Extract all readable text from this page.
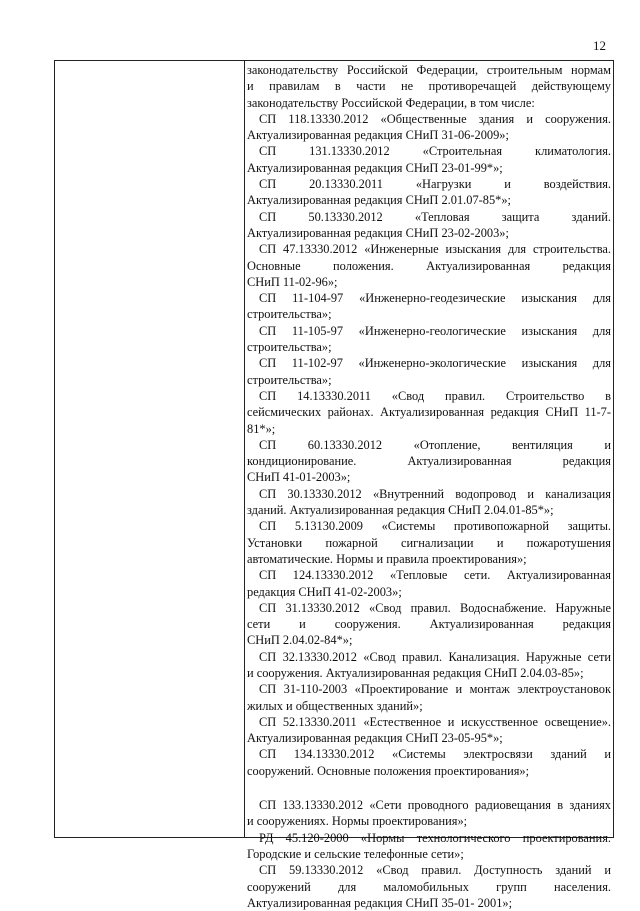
12
законодательству Российской Федерации, строительным нормам
и правилам в части не противоречащей действующему
законодательству Российской Федерации, в том числе:
СП 118.13330.2012 «Общественные здания и сооружения.
Актуализированная редакция СНиП 31-06-2009»;
СП 131.13330.2012 «Строительная климатология.
Актуализированная редакция СНиП 23-01-99*»;
СП 20.13330.2011 «Нагрузки и воздействия.
Актуализированная редакция СНиП 2.01.07-85*»;
СП 50.13330.2012 «Тепловая защита зданий.
Актуализированная редакция СНиП 23-02-2003»;
СП 47.13330.2012 «Инженерные изыскания для строительства.
Основные положения. Актуализированная редакция
СНиП 11-02-96»;
СП 11-104-97 «Инженерно-геодезические изыскания для
строительства»;
СП 11-105-97 «Инженерно-геологические изыскания для
строительства»;
СП 11-102-97 «Инженерно-экологические изыскания для
строительства»;
СП 14.13330.2011 «Свод правил. Строительство в
сейсмических районах. Актуализированная редакция СНиП 11-7-
81*»;
СП 60.13330.2012 «Отопление, вентиляция и
кондиционирование. Актуализированная редакция
СНиП 41-01-2003»;
СП 30.13330.2012 «Внутренний водопровод и канализация
зданий. Актуализированная редакция СНиП 2.04.01-85*»;
СП 5.13130.2009 «Системы противопожарной защиты.
Установки пожарной сигнализации и пожаротушения
автоматические. Нормы и правила проектирования»;
СП 124.13330.2012 «Тепловые сети. Актуализированная
редакция СНиП 41-02-2003»;
СП 31.13330.2012 «Свод правил. Водоснабжение. Наружные
сети и сооружения. Актуализированная редакция
СНиП 2.04.02-84*»;
СП 32.13330.2012 «Свод правил. Канализация. Наружные сети
и сооружения. Актуализированная редакция СНиП 2.04.03-85»;
СП 31-110-2003 «Проектирование и монтаж электроустановок
жилых и общественных зданий»;
СП 52.13330.2011 «Естественное и искусственное освещение».
Актуализированная редакция СНиП 23-05-95*»;
СП 134.13330.2012 «Системы электросвязи зданий и
сооружений. Основные положения проектирования»;
СП 133.13330.2012 «Сети проводного радиовещания в зданиях
и сооружениях. Нормы проектирования»;
РД 45.120-2000 «Нормы технологического проектирования.
Городские и сельские телефонные сети»;
СП 59.13330.2012 «Свод правил. Доступность зданий и
сооружений для маломобильных групп населения.
Актуализированная редакция СНиП 35-01- 2001»;
